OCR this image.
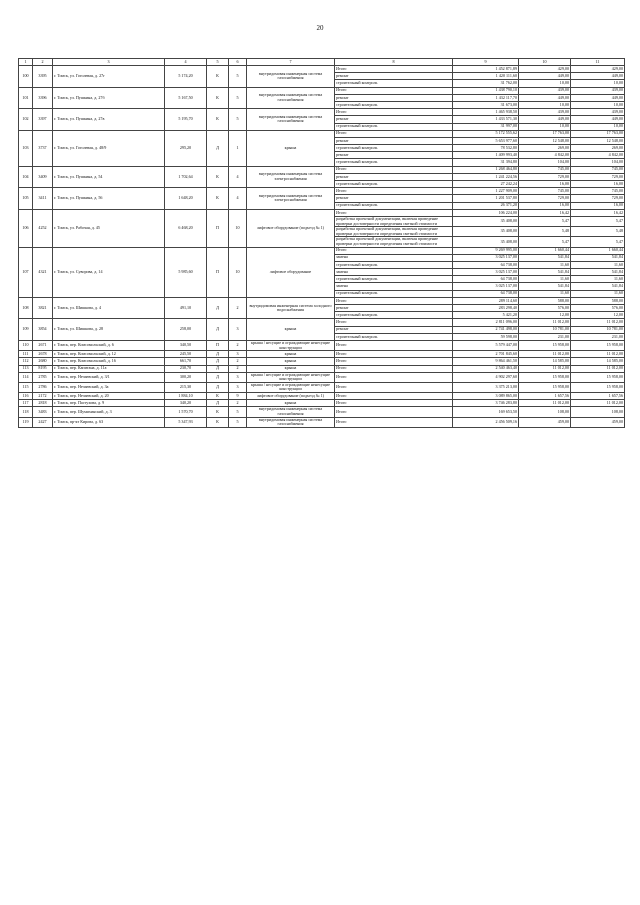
20
1	2	3	4	5	6	7	8	9	10	11
100	3395	г. Томск, ул. Гоголевая, д. 27г	5 174,20	К	5	внутридомовая инженерная система газоснабжения	Итого	1 452 871,89	429,00	429,00
							ремонт	1 420 111,60	449,00	449,00
							строительный контроль	31 762,00	10,00	10,00
101	3396	г. Томск, ул. Пушкина, д. 27б	5 167,50	К	5	внутридомовая инженерная система газоснабжения	Итого	1 438 790,10	439,00	439,00
							ремонт	1 432 117,70	449,00	449,00
							строительный контроль	31 673,00	10,00	10,00
102	3397	г. Томск, ул. Пушкина, д. 27в	5 195,70	К	5	внутридомовая инженерная система газоснабжения	Итого	1 465 938,50	439,00	439,00
							ремонт	1 433 571,30	449,00	449,00
							строительный контроль	31 997,00	10,00	10,00
103	3737	г. Томск, ул. Гоголевая, д. 48/9	295,20	Д	1	крыша	Итого	5 172 555,62	17 763,00	17 763,00
							ремонт	5 653 977,60	12 548,00	12 548,00
							строительный контроль	78 532,80	269,00	269,00
							ремонт	1 409 993,40	4 842,00	4 842,00
							строительный контроль	31 394,80	104,00	104,00
104	3409	г. Томск, ул. Пушкина, д. 54	1 702,64	К	4	внутридомовая инженерная система электроснабжения	Итого	1 268 464,80	745,00	745,00
							ремонт	1 241 224,56	729,00	729,00
							строительный контроль	27 242,24	16,00	16,00
105	3411	г. Томск, ул. Пушкина, д. 56	1 648,20	К	4	внутридомовая инженерная система электроснабжения	Итого	1 227 909,00	745,00	745,00
							ремонт	1 201 537,80	729,00	729,00
							строительный контроль	26 371,20	16,00	16,00
106	4252	г. Томск, ул. Рабочая, д. 45	6 468,20	П	10	лифтовое оборудование (подъезд № 1)	Итого	106 224,00	16,42	16,42
							разработка проектной документации, включая проведение проверки достоверности определения сметной стоимости	35 408,00	5,47	5,47
							разработка проектной документации, включая проведение проверки достоверности определения сметной стоимости	35 408,00	5,48	5,48
							разработка проектной документации, включая проведение проверки достоверности определения сметной стоимости	35 408,00	5,47	5,47
107	4321	г. Томск, ул. Суворова, д. 14	5 985,60	П	10	лифтовое оборудование	Итого	9 269 995,00	1 660,44	1 660,44
							замена	3 025 137,00	541,84	541,84
							строительный контроль	64 738,00	11,60	11,60
							замена	3 025 137,00	541,84	541,84
							строительный контроль	64 738,00	11,60	11,60
							замена	3 025 137,00	541,84	541,84
							строительный контроль	64 738,00	11,60	11,60
108	3821	г. Томск, ул. Шишкова, д. 4	491,10	Д	2	внутридомовая инженерная система холодного водоснабжения	Итого	289 114,60	588,00	588,00
							ремонт	283 298,40	576,00	576,00
							строительный контроль	5 421,20	12,00	12,00
109	3854	г. Томск, ул. Шишкова, д. 28	258,00	Д	3	крыша	Итого	2 811 096,00	11 012,00	11 012,00
							ремонт	2 741 498,00	10 781,00	10 781,00
							строительный контроль	59 598,00	231,00	231,00
110	2671	г. Томск, пер. Комсомольский, д. 6	340,50	П	2	крыша / несущие и ограждающие ненесущие конструкции	Итого	5 579 447,00	15 958,00	15 958,00
111	2678	г. Томск, пер. Комсомольский, д. 12	245,50	Д	3	крыша	Итого	2 701 845,60	11 012,00	11 012,00
112	2680	г. Томск, пер. Комсомольский, д. 16	661,70	Д	2	крыша	Итого	9 864 461,50	14 585,00	14 585,00
113	8195	г. Томск, пер. Капитана, д. 11а	230,70	Д	2	крыша	Итого	2 540 463,40	11 012,00	11 012,00
114	2785	г. Томск, пер. Нечаевский, д. 3/1	300,20	Д	3	крыша / несущие и ограждающие ненесущие конструкции	Итого	4 902 297,60	15 958,00	15 958,00
115	2786	г. Томск, пер. Нечаевский, д. 3а	215,30	Д	3	крыша / несущие и ограждающие ненесущие конструкции	Итого	3 375 213,00	15 958,00	15 958,00
116	2172	г. Томск, пер. Нечаевский, д. 20	1 884,10	К	9	лифтовое оборудование (подъезд № 1)	Итого	3 089 865,00	1 657,56	1 657,56
117	2818	г. Томск, пер. Пастухова, д. 9	340,20	Д	2	крыша	Итого	3 746 283,80	11 012,00	11 012,00
118	3483	г. Томск, пер. Шумихинский, д. 3	1 570,70	К	5	внутридомовая инженерная система газоснабжения	Итого	169 653,50	108,00	108,00
119	2427	г. Томск, пр-кт Кирова, д. 63	5 347,93	К	5	внутридомовая инженерная система газоснабжения	Итого	2 456 509,16	459,00	459,00
